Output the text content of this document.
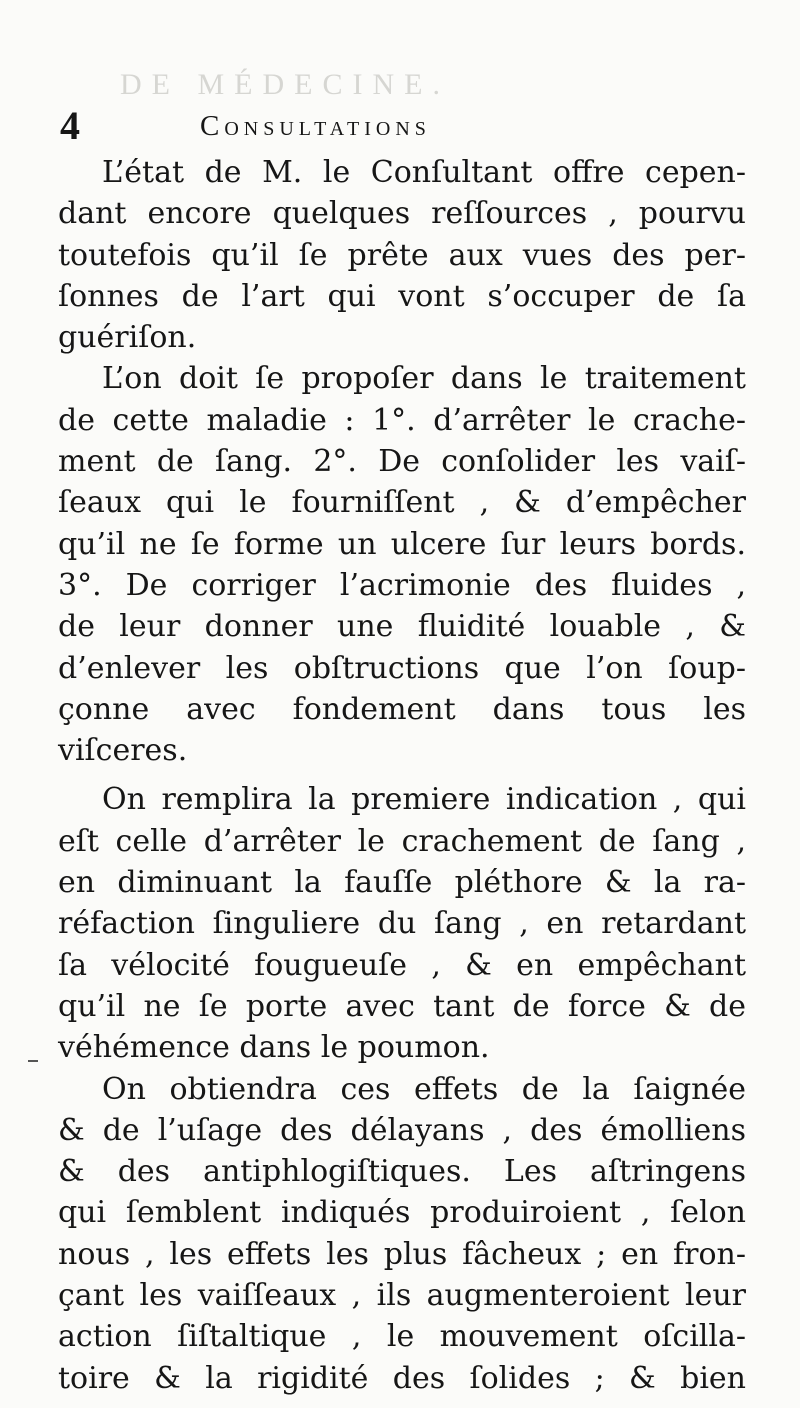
DE MÉDECINE.
4	Consultations
L’état de M. le Conſultant offre cepen-
dant encore quelques reſſources , pourvu
toutefois qu’il ſe prête aux vues des per-
ſonnes de l’art qui vont s’occuper de ſa
guériſon.
L’on doit ſe propoſer dans le traitement
de cette maladie : 1°. d’arrêter le crache-
ment de ſang. 2°. De conſolider les vaiſ-
ſeaux qui le fourniſſent , & d’empêcher
qu’il ne ſe forme un ulcere ſur leurs bords.
3°. De corriger l’acrimonie des fluides ,
de leur donner une fluidité louable , &
d’enlever les obſtructions que l’on ſoup-
çonne avec fondement dans tous les
viſceres.
On remplira la premiere indication , qui
eſt celle d’arrêter le crachement de ſang ,
en diminuant la fauſſe pléthore & la ra-
réfaction ſinguliere du ſang , en retardant
ſa vélocité fougueuſe , & en empêchant
qu’il ne ſe porte avec tant de force & de
véhémence dans le poumon.
On obtiendra ces effets de la ſaignée
& de l’uſage des délayans , des émolliens
& des antiphlogiſtiques. Les aſtringens
qui ſemblent indiqués produiroient , ſelon
nous , les effets les plus fâcheux ; en fron-
çant les vaiſſeaux , ils augmenteroient leur
action ſiſtaltique , le mouvement oſcilla-
toire & la rigidité des ſolides ; & bien
